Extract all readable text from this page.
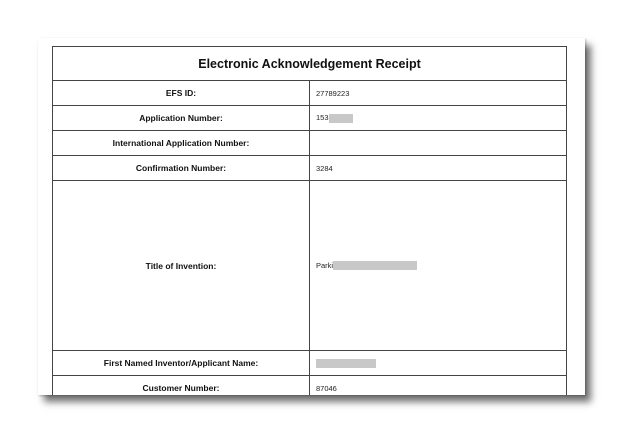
Electronic Acknowledgement Receipt	
EFS ID:	27789223
Application Number:	153
International Application Number:	
Confirmation Number:	3284
Title of Invention:	Parki
First Named Inventor/Applicant Name:	
Customer Number:	87046
